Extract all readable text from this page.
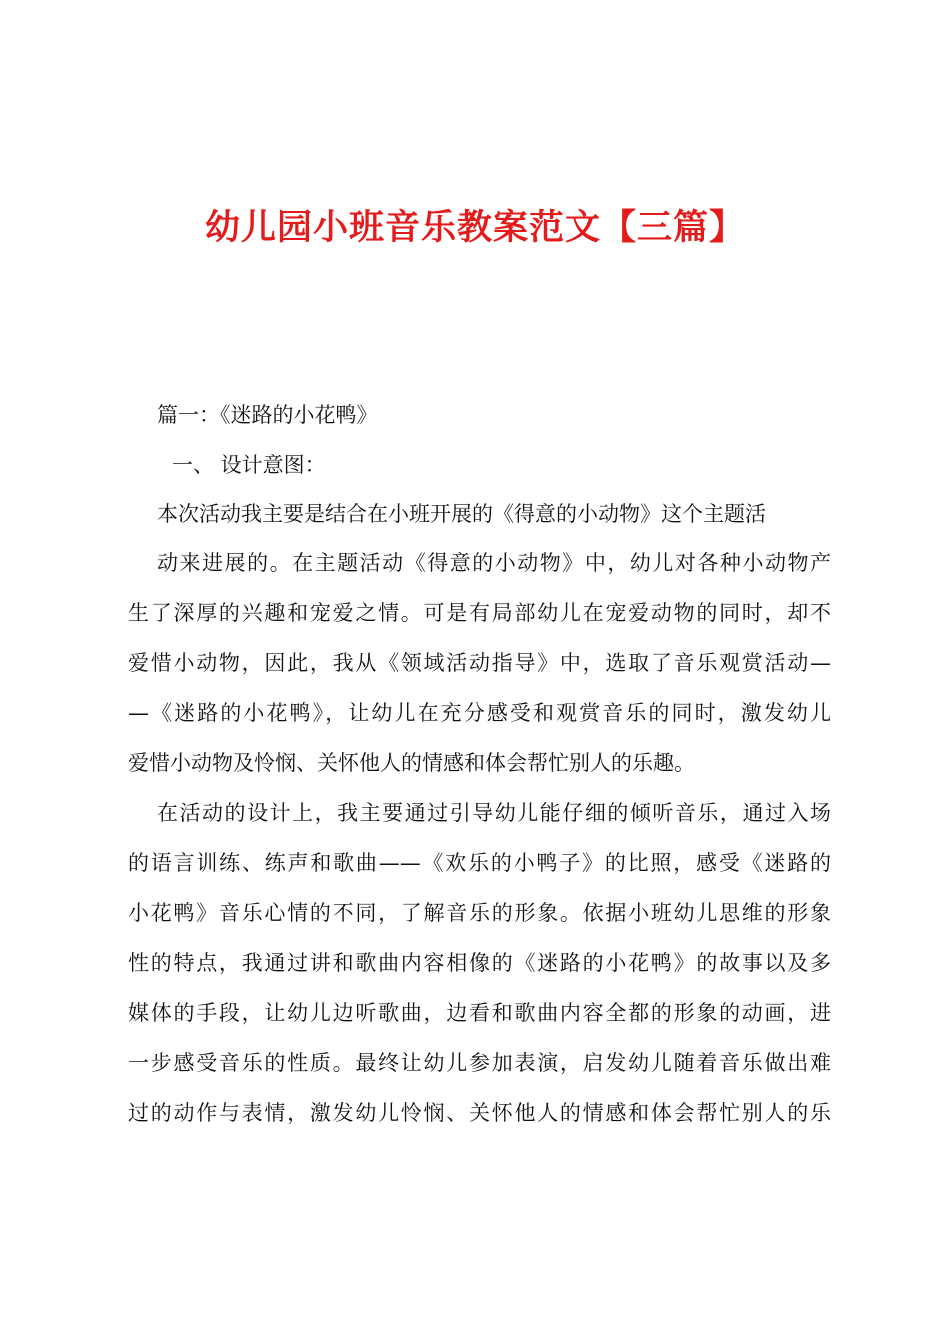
幼儿园小班音乐教案范文【三篇】

篇一：《迷路的小花鸭》

一、 设计意图：

本次活动我主要是结合在小班开展的《得意的小动物》这个主题活

动来进展的。在主题活动《得意的小动物》中，幼儿对各种小动物产

生了深厚的兴趣和宠爱之情。可是有局部幼儿在宠爱动物的同时，却不

爱惜小动物，因此，我从《领域活动指导》中，选取了音乐观赏活动—

—《迷路的小花鸭》，让幼儿在充分感受和观赏音乐的同时，激发幼儿

爱惜小动物及怜悯、关怀他人的情感和体会帮忙别人的乐趣。

在活动的设计上，我主要通过引导幼儿能仔细的倾听音乐，通过入场

的语言训练、练声和歌曲——《欢乐的小鸭子》的比照，感受《迷路的

小花鸭》音乐心情的不同，了解音乐的形象。依据小班幼儿思维的形象

性的特点，我通过讲和歌曲内容相像的《迷路的小花鸭》的故事以及多

媒体的手段，让幼儿边听歌曲，边看和歌曲内容全都的形象的动画，进

一步感受音乐的性质。最终让幼儿参加表演，启发幼儿随着音乐做出难

过的动作与表情，激发幼儿怜悯、关怀他人的情感和体会帮忙别人的乐
